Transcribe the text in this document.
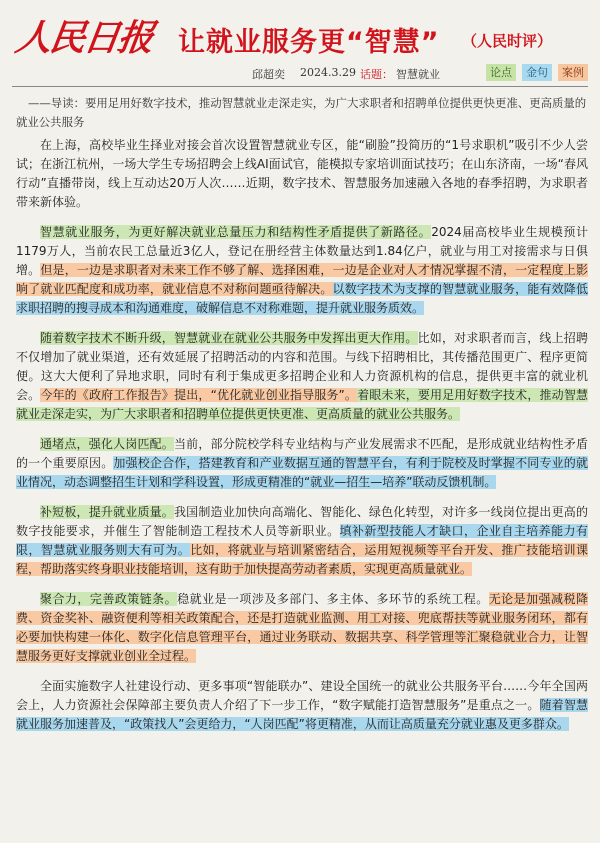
人民日报 让就业服务更“智慧” （人民时评）
邱超奕 2024.3.29 话题： 智慧就业	论点	金句	案例

——导读：要用足用好数字技术，推动智慧就业走深走实，为广大求职者和招聘单位提供更快更准、更高质量的就业公共服务

在上海，高校毕业生择业对接会首次设置智慧就业专区，能“刷脸”投简历的“1号求职机”吸引不少人尝试；在浙江杭州，一场大学生专场招聘会上线AI面试官，能模拟专家培训面试技巧；在山东济南，一场“春风行动”直播带岗，线上互动达20万人次……近期，数字技术、智慧服务加速融入各地的春季招聘，为求职者带来新体验。

智慧就业服务，为更好解决就业总量压力和结构性矛盾提供了新路径。2024届高校毕业生规模预计1179万人，当前农民工总量近3亿人，登记在册经营主体数量达到1.84亿户，就业与用工对接需求与日俱增。但是，一边是求职者对未来工作不够了解、选择困难，一边是企业对人才情况掌握不清，一定程度上影响了就业匹配度和成功率，就业信息不对称问题亟待解决。以数字技术为支撑的智慧就业服务，能有效降低求职招聘的搜寻成本和沟通难度，破解信息不对称难题，提升就业服务质效。

随着数字技术不断升级，智慧就业在就业公共服务中发挥出更大作用。比如，对求职者而言，线上招聘不仅增加了就业渠道，还有效延展了招聘活动的内容和范围。与线下招聘相比，其传播范围更广、程序更简便。这大大便利了异地求职，同时有利于集成更多招聘企业和人力资源机构的信息，提供更丰富的就业机会。今年的《政府工作报告》提出，“优化就业创业指导服务”。着眼未来，要用足用好数字技术，推动智慧就业走深走实，为广大求职者和招聘单位提供更快更准、更高质量的就业公共服务。

通堵点，强化人岗匹配。当前，部分院校学科专业结构与产业发展需求不匹配，是形成就业结构性矛盾的一个重要原因。加强校企合作，搭建教育和产业数据互通的智慧平台，有利于院校及时掌握不同专业的就业情况，动态调整招生计划和学科设置，形成更精准的“就业—招生—培养”联动反馈机制。

补短板，提升就业质量。我国制造业加快向高端化、智能化、绿色化转型，对许多一线岗位提出更高的数字技能要求，并催生了智能制造工程技术人员等新职业。填补新型技能人才缺口，企业自主培养能力有限，智慧就业服务则大有可为。比如，将就业与培训紧密结合，运用短视频等平台开发、推广技能培训课程，帮助落实终身职业技能培训，这有助于加快提高劳动者素质，实现更高质量就业。

聚合力，完善政策链条。稳就业是一项涉及多部门、多主体、多环节的系统工程。无论是加强减税降费、资金奖补、融资便利等相关政策配合，还是打造就业监测、用工对接、兜底帮扶等就业服务闭环，都有必要加快构建一体化、数字化信息管理平台，通过业务联动、数据共享、科学管理等汇聚稳就业合力，让智慧服务更好支撑就业创业全过程。

全面实施数字人社建设行动、更多事项“智能联办”、建设全国统一的就业公共服务平台……今年全国两会上，人力资源社会保障部主要负责人介绍了下一步工作，“数字赋能打造智慧服务”是重点之一。随着智慧就业服务加速普及，“政策找人”会更给力，“人岗匹配”将更精准，从而让高质量充分就业惠及更多群众。
